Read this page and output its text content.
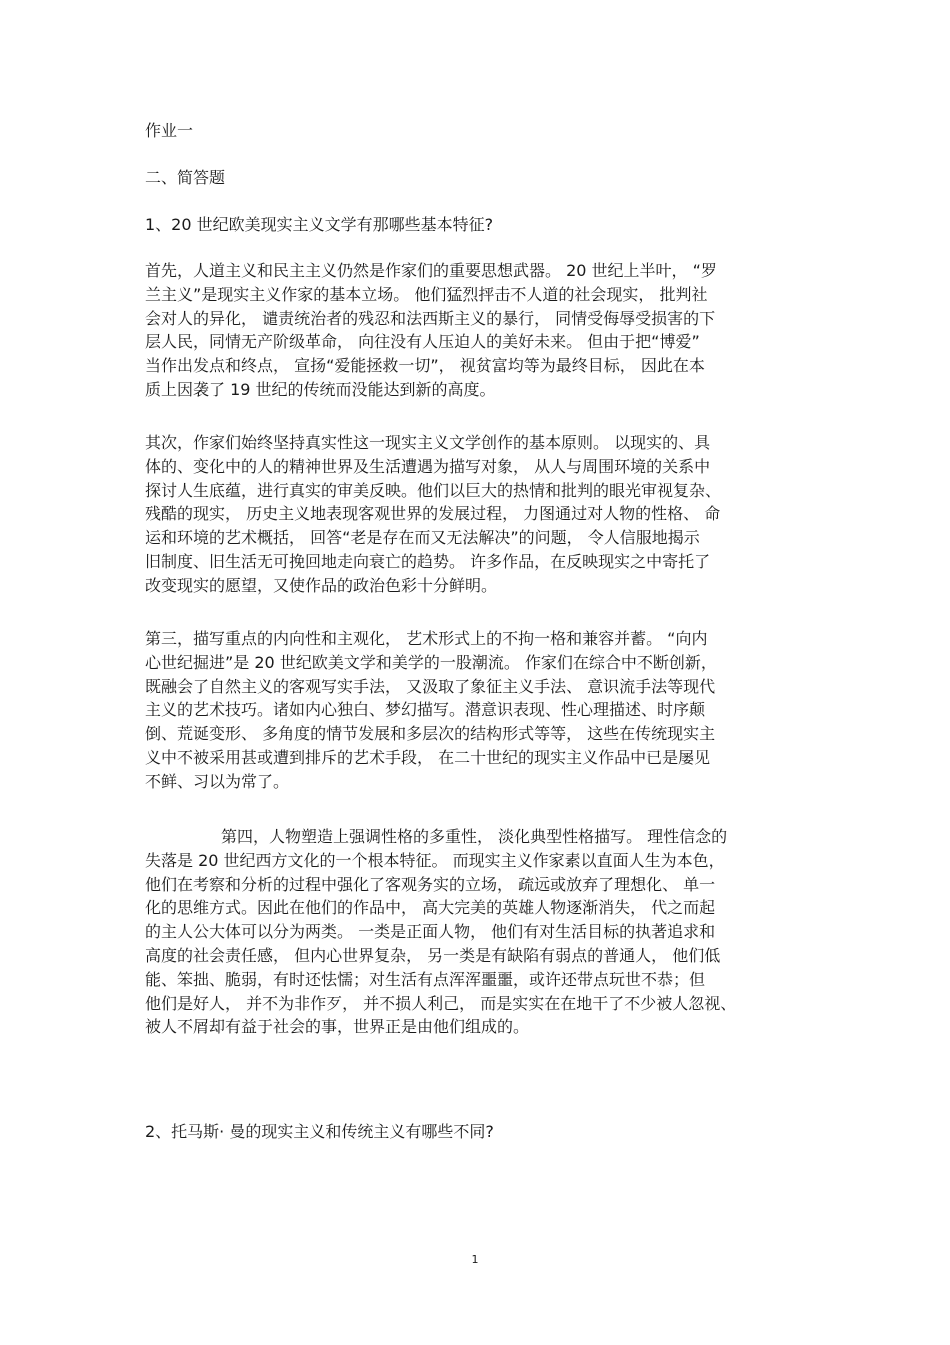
作业一
二、简答题
1、20 世纪欧美现实主义文学有那哪些基本特征?
首先，人道主义和民主主义仍然是作家们的重要思想武器。 20 世纪上半叶， “罗
兰主义”是现实主义作家的基本立场。 他们猛烈抨击不人道的社会现实， 批判社
会对人的异化， 谴责统治者的残忍和法西斯主义的暴行， 同情受侮辱受损害的下
层人民，同情无产阶级革命， 向往没有人压迫人的美好未来。 但由于把“博爱”
当作出发点和终点， 宣扬“爱能拯救一切”， 视贫富均等为最终目标， 因此在本
质上因袭了 19 世纪的传统而没能达到新的高度。
其次，作家们始终坚持真实性这一现实主义文学创作的基本原则。 以现实的、具
体的、变化中的人的精神世界及生活遭遇为描写对象， 从人与周围环境的关系中
探讨人生底蕴，进行真实的审美反映。他们以巨大的热情和批判的眼光审视复杂、
残酷的现实， 历史主义地表现客观世界的发展过程， 力图通过对人物的性格、 命
运和环境的艺术概括， 回答“老是存在而又无法解决”的问题， 令人信服地揭示
旧制度、旧生活无可挽回地走向衰亡的趋势。 许多作品，在反映现实之中寄托了
改变现实的愿望，又使作品的政治色彩十分鲜明。
第三，描写重点的内向性和主观化， 艺术形式上的不拘一格和兼容并蓄。 “向内
心世纪掘进”是 20 世纪欧美文学和美学的一股潮流。 作家们在综合中不断创新，
既融会了自然主义的客观写实手法， 又汲取了象征主义手法、 意识流手法等现代
主义的艺术技巧。诸如内心独白、梦幻描写。潜意识表现、性心理描述、时序颠
倒、荒诞变形、 多角度的情节发展和多层次的结构形式等等， 这些在传统现实主
义中不被采用甚或遭到排斥的艺术手段， 在二十世纪的现实主义作品中已是屡见
不鲜、习以为常了。
第四，人物塑造上强调性格的多重性， 淡化典型性格描写。 理性信念的
失落是 20 世纪西方文化的一个根本特征。 而现实主义作家素以直面人生为本色，
他们在考察和分析的过程中强化了客观务实的立场， 疏远或放弃了理想化、 单一
化的思维方式。因此在他们的作品中， 高大完美的英雄人物逐渐消失， 代之而起
的主人公大体可以分为两类。 一类是正面人物， 他们有对生活目标的执著追求和
高度的社会责任感， 但内心世界复杂， 另一类是有缺陷有弱点的普通人， 他们低
能、笨拙、脆弱，有时还怯懦；对生活有点浑浑噩噩，或许还带点玩世不恭；但
他们是好人， 并不为非作歹， 并不损人利己， 而是实实在在地干了不少被人忽视、
被人不屑却有益于社会的事，世界正是由他们组成的。
2、托马斯· 曼的现实主义和传统主义有哪些不同?
1
